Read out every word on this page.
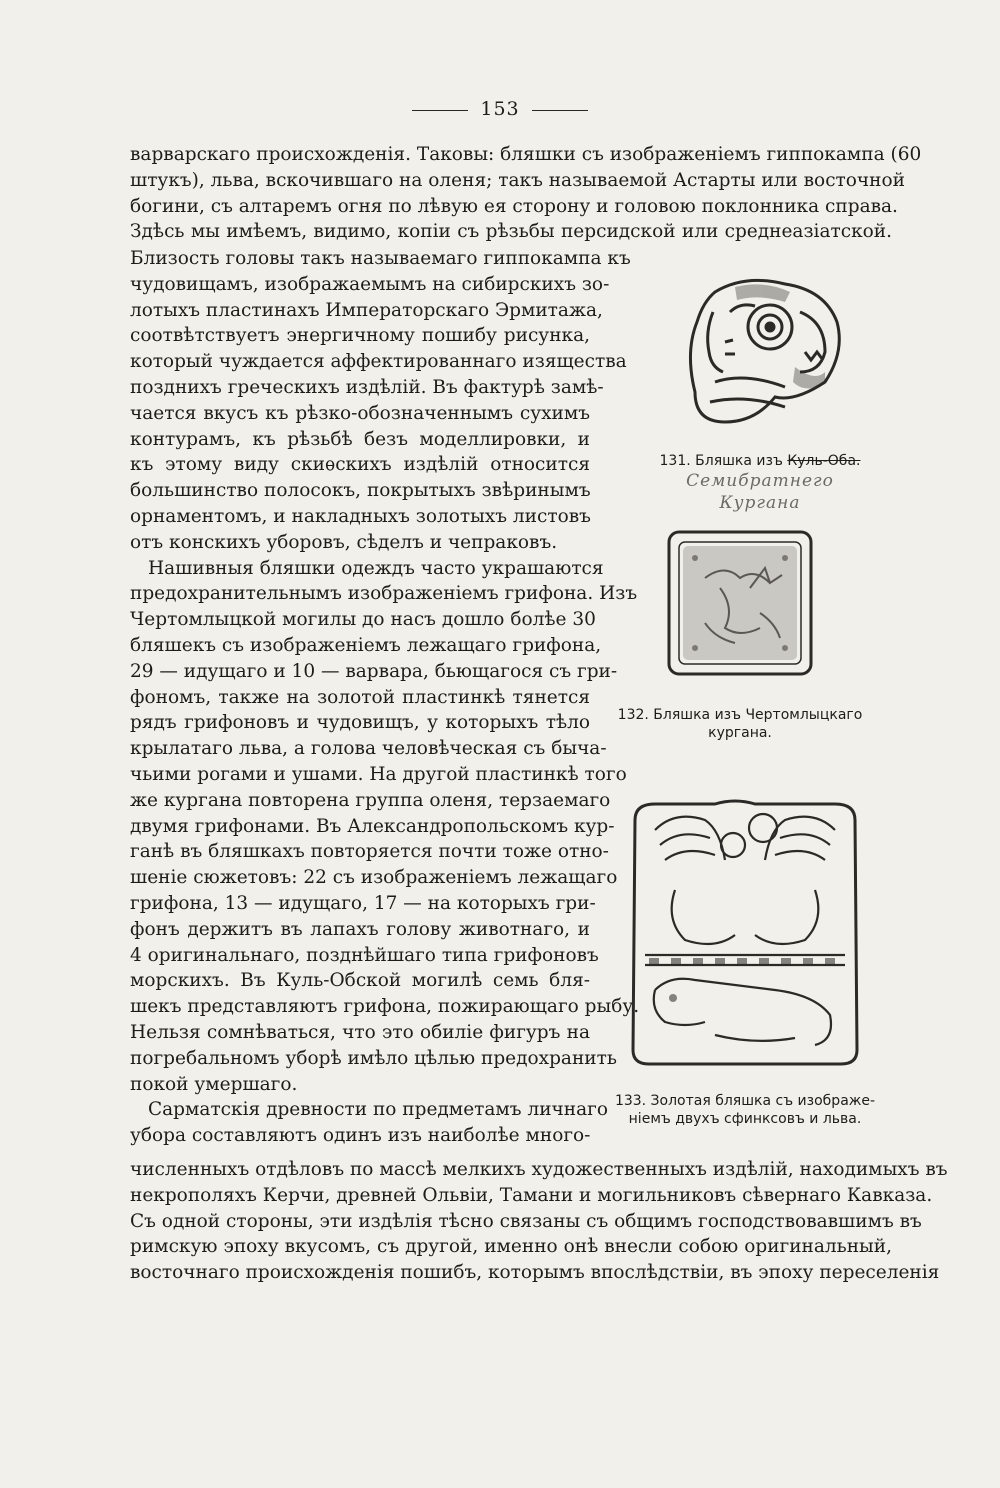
153
варварскаго происхожденія. Таковы: бляшки съ изображеніемъ гиппокампа (60
штукъ), льва, вскочившаго на оленя; такъ называемой Астарты или восточной
богини, съ алтаремъ огня по лѣвую ея сторону и головою поклонника справа.
Здѣсь мы имѣемъ, видимо, копіи съ рѣзьбы персидской или среднеазіатской.
Близость головы такъ называемаго гиппокампа къ
чудовищамъ, изображаемымъ на сибирскихъ зо-
лотыхъ пластинахъ Императорскаго Эрмитажа,
соотвѣтствуетъ энергичному пошибу рисунка,
который чуждается аффектированнаго изящества
позднихъ греческихъ издѣлій. Въ фактурѣ замѣ-
чается вкусъ къ рѣзко-обозначеннымъ сухимъ
контурамъ, къ рѣзьбѣ безъ моделлировки, и
къ этому виду скиѳскихъ издѣлій относится
большинство полосокъ, покрытыхъ звѣринымъ
орнаментомъ, и накладныхъ золотыхъ листовъ
отъ конскихъ уборовъ, сѣделъ и чепраковъ.
Нашивныя бляшки одеждъ часто украшаются
предохранительнымъ изображеніемъ грифона. Изъ
Чертомлыцкой могилы до насъ дошло болѣе 30
бляшекъ съ изображеніемъ лежащаго грифона,
29 — идущаго и 10 — варвара, бьющагося съ гри-
фономъ, также на золотой пластинкѣ тянется
рядъ грифоновъ и чудовищъ, у которыхъ тѣло
крылатаго льва, а голова человѣческая съ быча-
чьими рогами и ушами. На другой пластинкѣ того
же кургана повторена группа оленя, терзаемаго
двумя грифонами. Въ Александропольскомъ кур-
ганѣ въ бляшкахъ повторяется почти тоже отно-
шеніе сюжетовъ: 22 съ изображеніемъ лежащаго
грифона, 13 — идущаго, 17 — на которыхъ гри-
фонъ держитъ въ лапахъ голову животнаго, и
4 оригинальнаго, позднѣйшаго типа грифоновъ
морскихъ. Въ Куль-Обской могилѣ семь бля-
шекъ представляютъ грифона, пожирающаго рыбу.
Нельзя сомнѣваться, что это обиліе фигуръ на
погребальномъ уборѣ имѣло цѣлью предохранить
покой умершаго.
Сарматскія древности по предметамъ личнаго
убора составляютъ одинъ изъ наиболѣе много-
131. Бляшка изъ Куль-Оба.
Семибратнего
Кургана
132. Бляшка изъ Чертомлыцкаго
кургана.
133. Золотая бляшка съ изображе-
ніемъ двухъ сфинксовъ и льва.
численныхъ отдѣловъ по массѣ мелкихъ художественныхъ издѣлій, находимыхъ въ
некрополяхъ Керчи, древней Ольвіи, Тамани и могильниковъ сѣвернаго Кавказа.
Съ одной стороны, эти издѣлія тѣсно связаны съ общимъ господствовавшимъ въ
римскую эпоху вкусомъ, съ другой, именно онѣ внесли собою оригинальный,
восточнаго происхожденія пошибъ, которымъ впослѣдствіи, въ эпоху переселенія
